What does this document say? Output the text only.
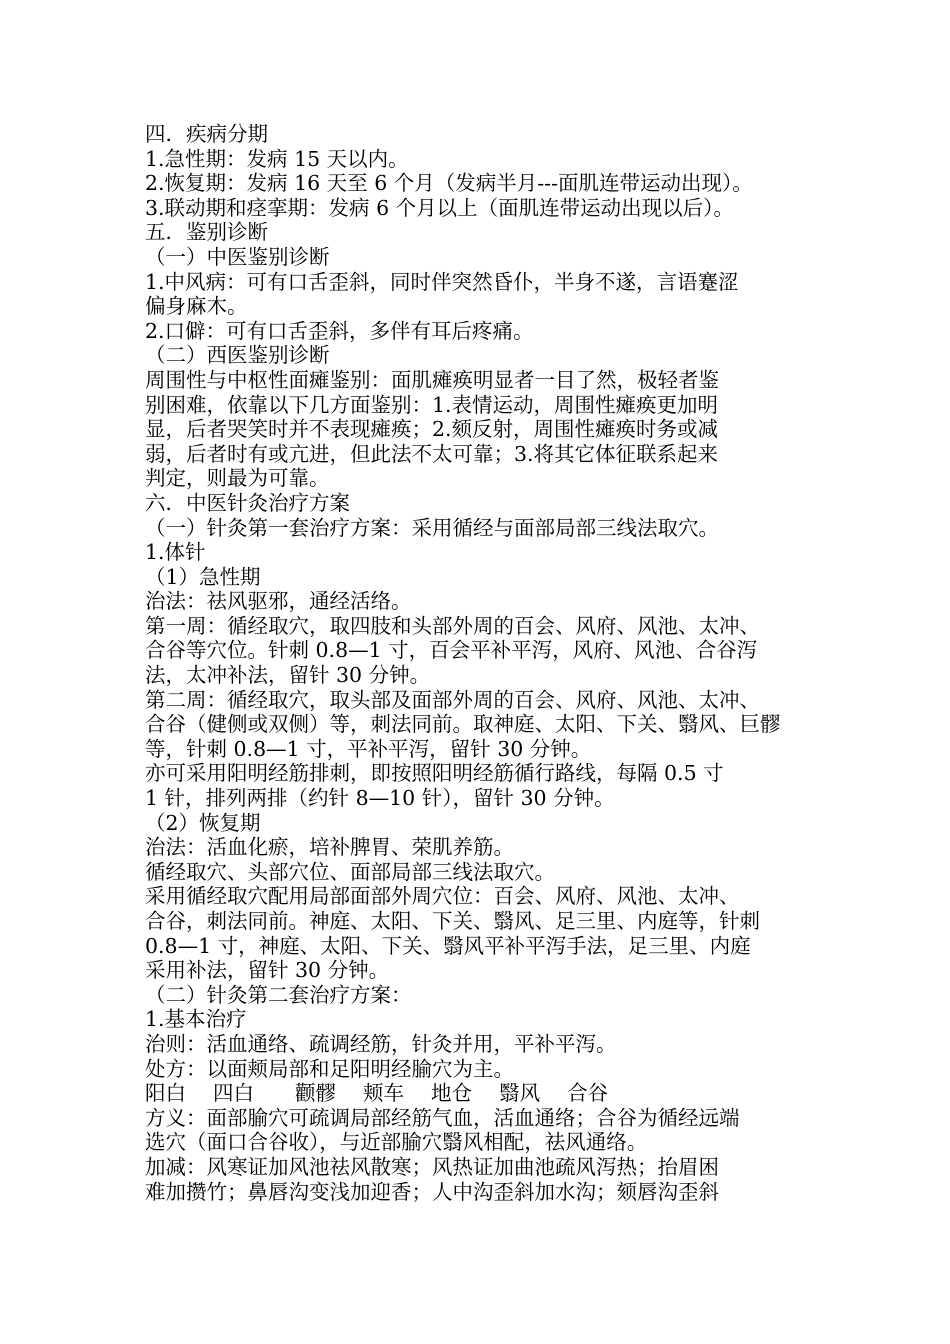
四．疾病分期
1.急性期：发病 15 天以内。
2.恢复期：发病 16 天至 6 个月（发病半月---面肌连带运动出现）。
3.联动期和痉挛期：发病 6 个月以上（面肌连带运动出现以后）。
五．鉴别诊断
（一）中医鉴别诊断
1.中风病：可有口舌歪斜，同时伴突然昏仆，半身不遂，言语蹇涩
偏身麻木。
2.口僻：可有口舌歪斜，多伴有耳后疼痛。
（二）西医鉴别诊断
周围性与中枢性面瘫鉴别：面肌瘫痪明显者一目了然，极轻者鉴
别困难，依靠以下几方面鉴别：1.表情运动，周围性瘫痪更加明
显，后者哭笑时并不表现瘫痪；2.颏反射，周围性瘫痪时务或减
弱，后者时有或亢进，但此法不太可靠；3.将其它体征联系起来
判定，则最为可靠。
六．中医针灸治疗方案
（一）针灸第一套治疗方案：采用循经与面部局部三线法取穴。
1.体针
（1）急性期
治法：祛风驱邪，通经活络。
第一周：循经取穴，取四肢和头部外周的百会、风府、风池、太冲、
合谷等穴位。针刺 0.8—1 寸，百会平补平泻，风府、风池、合谷泻
法，太冲补法，留针 30 分钟。
第二周：循经取穴，取头部及面部外周的百会、风府、风池、太冲、
合谷（健侧或双侧）等，刺法同前。取神庭、太阳、下关、翳风、巨髎
等，针刺 0.8—1 寸，平补平泻，留针 30 分钟。
亦可采用阳明经筋排刺，即按照阳明经筋循行路线，每隔 0.5 寸
1 针，排列两排（约针 8—10 针），留针 30 分钟。
（2）恢复期
治法：活血化瘀，培补脾胃、荣肌养筋。
循经取穴、头部穴位、面部局部三线法取穴。
采用循经取穴配用局部面部外周穴位：百会、风府、风池、太冲、
合谷，刺法同前。神庭、太阳、下关、翳风、足三里、内庭等，针刺
0.8—1 寸，神庭、太阳、下关、翳风平补平泻手法，足三里、内庭
采用补法，留针 30 分钟。
（二）针灸第二套治疗方案：
1.基本治疗
治则：活血通络、疏调经筋，针灸并用，平补平泻。
处方：以面颊局部和足阳明经腧穴为主。
阳白　 四白　　颧髎　 颊车　 地仓　 翳风　 合谷
方义：面部腧穴可疏调局部经筋气血，活血通络；合谷为循经远端
选穴（面口合谷收），与近部腧穴翳风相配，祛风通络。
加减：风寒证加风池祛风散寒；风热证加曲池疏风泻热；抬眉困
难加攒竹；鼻唇沟变浅加迎香；人中沟歪斜加水沟；颏唇沟歪斜
